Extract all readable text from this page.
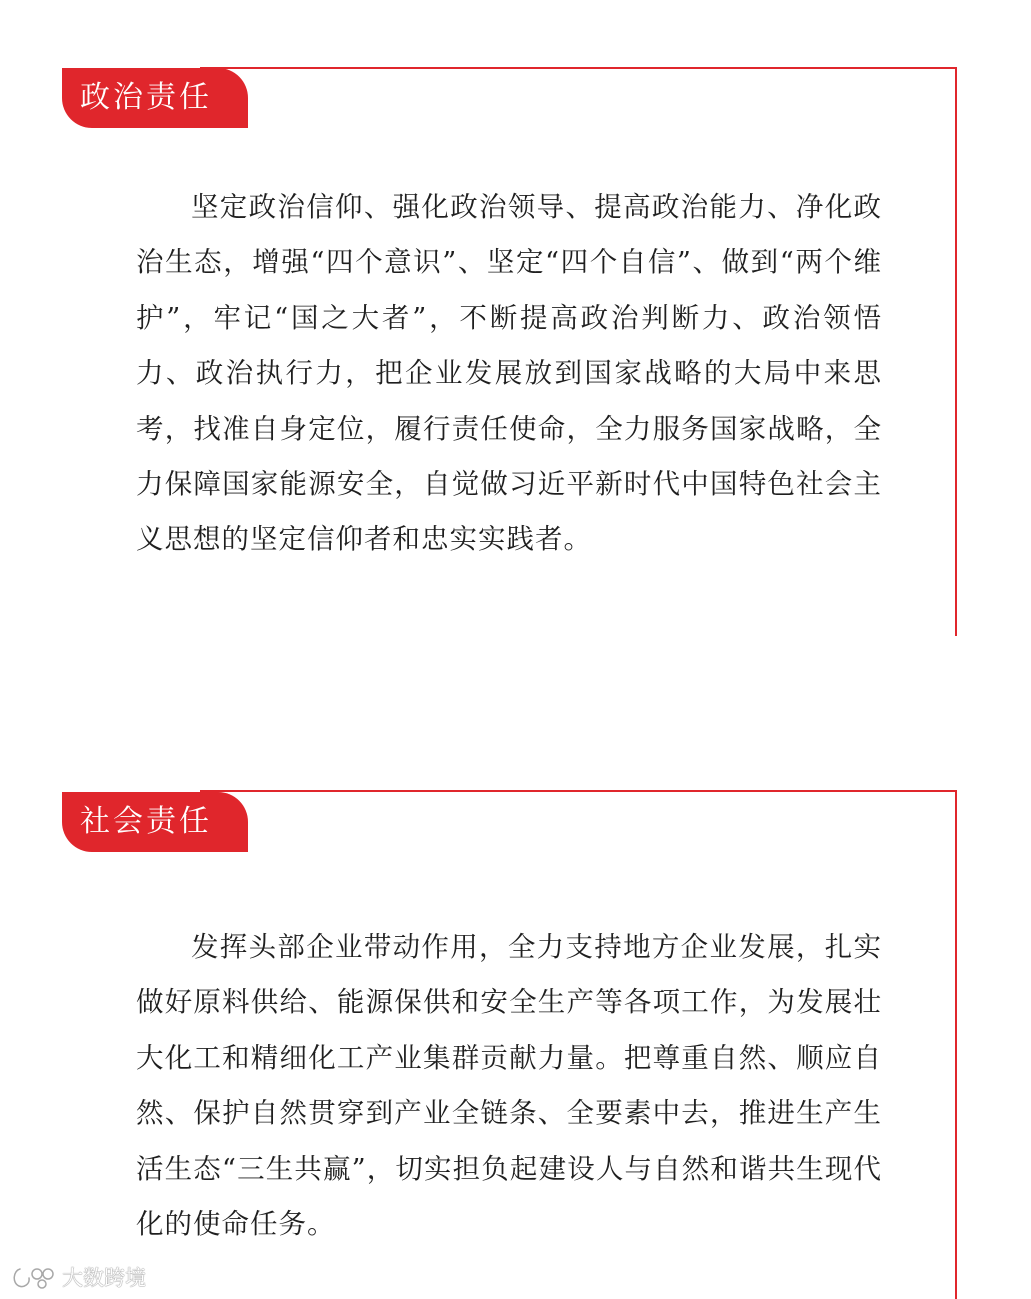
政治责任

坚定政治信仰、强化政治领导、提高政治能力、净化政治生态，增强“四个意识”、坚定“四个自信”、做到“两个维护”，牢记“国之大者”，不断提高政治判断力、政治领悟力、政治执行力，把企业发展放到国家战略的大局中来思考，找准自身定位，履行责任使命，全力服务国家战略，全力保障国家能源安全，自觉做习近平新时代中国特色社会主义思想的坚定信仰者和忠实实践者。

社会责任

发挥头部企业带动作用，全力支持地方企业发展，扎实做好原料供给、能源保供和安全生产等各项工作，为发展壮大化工和精细化工产业集群贡献力量。把尊重自然、顺应自然、保护自然贯穿到产业全链条、全要素中去，推进生产生活生态“三生共赢”，切实担负起建设人与自然和谐共生现代化的使命任务。

大数跨境
